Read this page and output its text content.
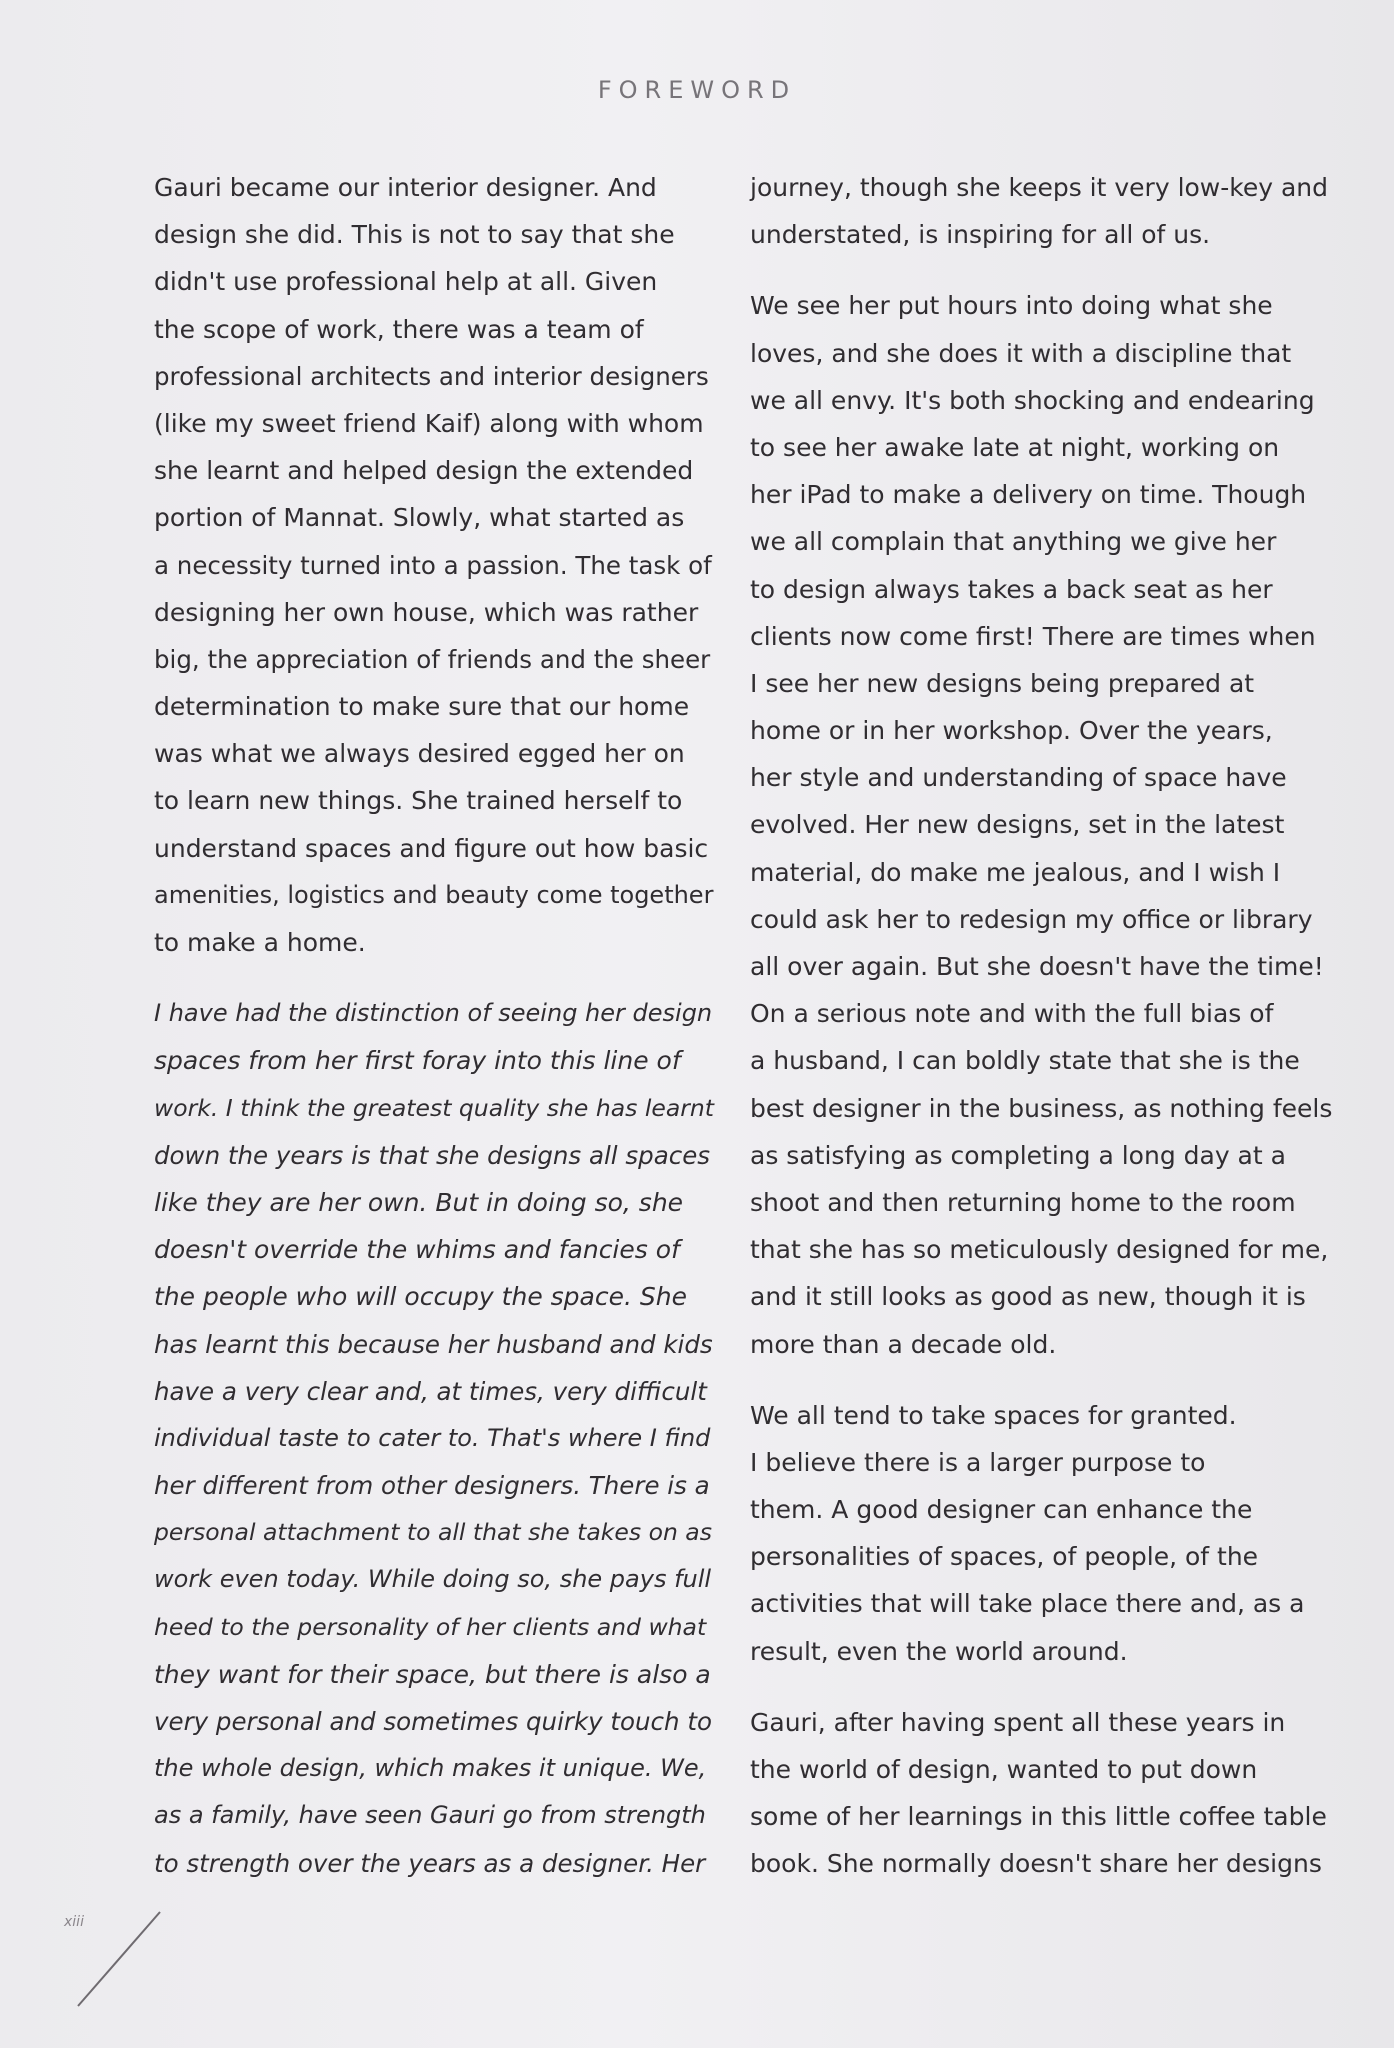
FOREWORD
Gauri became our interior designer. And
design she did. This is not to say that she
didn't use professional help at all. Given
the scope of work, there was a team of
professional architects and interior designers
(like my sweet friend Kaif) along with whom
she learnt and helped design the extended
portion of Mannat. Slowly, what started as
a necessity turned into a passion. The task of
designing her own house, which was rather
big, the appreciation of friends and the sheer
determination to make sure that our home
was what we always desired egged her on
to learn new things. She trained herself to
understand spaces and figure out how basic
amenities, logistics and beauty come together
to make a home.
I have had the distinction of seeing her design
spaces from her first foray into this line of
work. I think the greatest quality she has learnt
down the years is that she designs all spaces
like they are her own. But in doing so, she
doesn't override the whims and fancies of
the people who will occupy the space. She
has learnt this because her husband and kids
have a very clear and, at times, very difficult
individual taste to cater to. That's where I find
her different from other designers. There is a
personal attachment to all that she takes on as
work even today. While doing so, she pays full
heed to the personality of her clients and what
they want for their space, but there is also a
very personal and sometimes quirky touch to
the whole design, which makes it unique. We,
as a family, have seen Gauri go from strength
to strength over the years as a designer. Her
journey, though she keeps it very low-key and
understated, is inspiring for all of us.
We see her put hours into doing what she
loves, and she does it with a discipline that
we all envy. It's both shocking and endearing
to see her awake late at night, working on
her iPad to make a delivery on time. Though
we all complain that anything we give her
to design always takes a back seat as her
clients now come first! There are times when
I see her new designs being prepared at
home or in her workshop. Over the years,
her style and understanding of space have
evolved. Her new designs, set in the latest
material, do make me jealous, and I wish I
could ask her to redesign my office or library
all over again. But she doesn't have the time!
On a serious note and with the full bias of
a husband, I can boldly state that she is the
best designer in the business, as nothing feels
as satisfying as completing a long day at a
shoot and then returning home to the room
that she has so meticulously designed for me,
and it still looks as good as new, though it is
more than a decade old.
We all tend to take spaces for granted.
I believe there is a larger purpose to
them. A good designer can enhance the
personalities of spaces, of people, of the
activities that will take place there and, as a
result, even the world around.
Gauri, after having spent all these years in
the world of design, wanted to put down
some of her learnings in this little coffee table
book. She normally doesn't share her designs
xiii
